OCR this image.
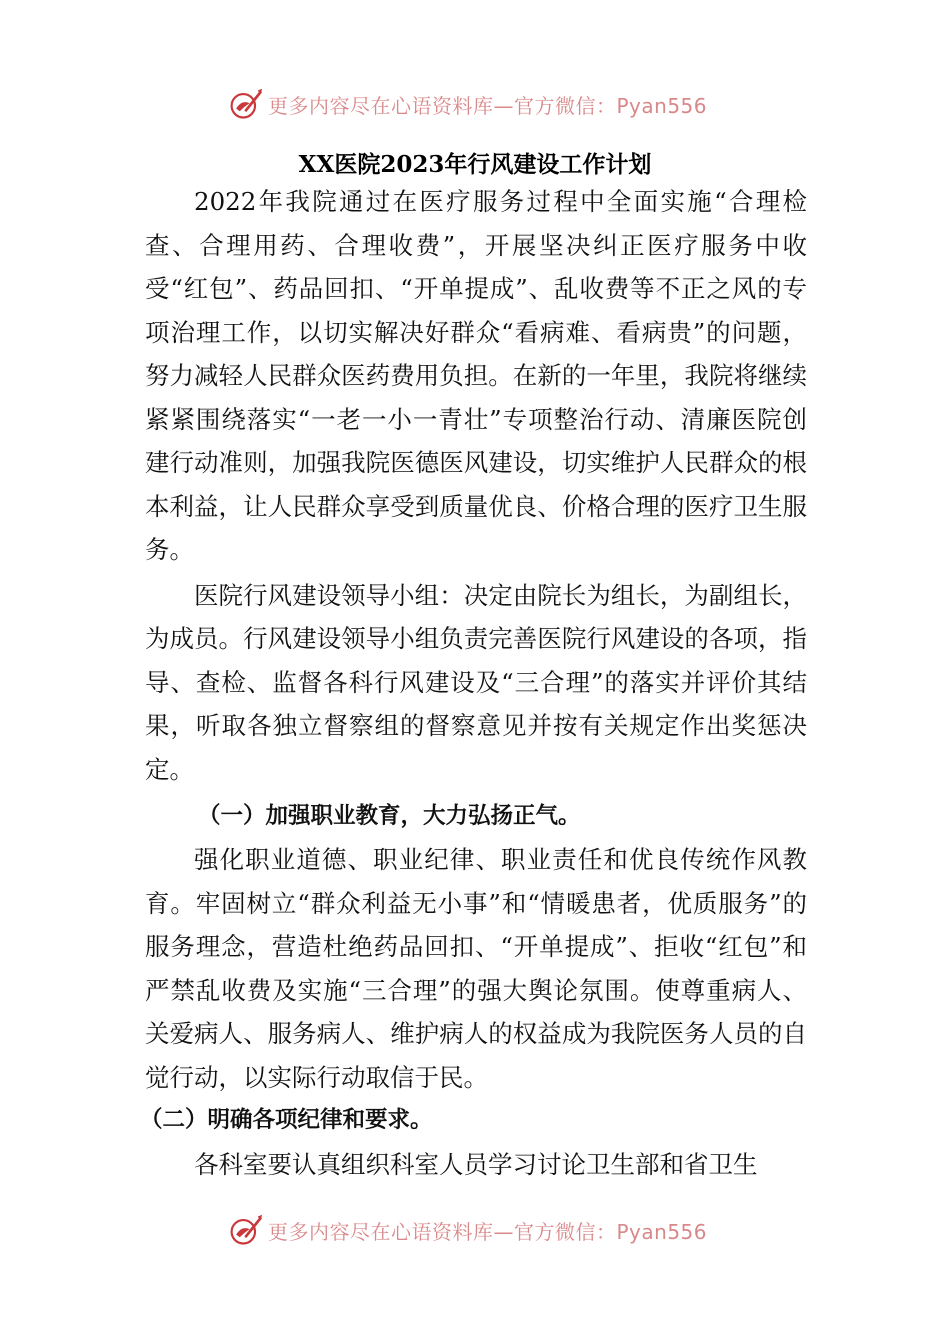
更多内容尽在心语资料库—官方微信：Pyan556
XX医院2023年行风建设工作计划

2022年我院通过在医疗服务过程中全面实施“合理检查、合理用药、合理收费”，开展坚决纠正医疗服务中收受“红包”、药品回扣、“开单提成”、乱收费等不正之风的专项治理工作，以切实解决好群众“看病难、看病贵”的问题，努力减轻人民群众医药费用负担。在新的一年里，我院将继续紧紧围绕落实“一老一小一青壮”专项整治行动、清廉医院创建行动准则，加强我院医德医风建设，切实维护人民群众的根本利益，让人民群众享受到质量优良、价格合理的医疗卫生服务。

医院行风建设领导小组：决定由院长为组长，为副组长，为成员。行风建设领导小组负责完善医院行风建设的各项，指导、查检、监督各科行风建设及“三合理”的落实并评价其结果，听取各独立督察组的督察意见并按有关规定作出奖惩决定。

（一）加强职业教育，大力弘扬正气。

强化职业道德、职业纪律、职业责任和优良传统作风教育。牢固树立“群众利益无小事”和“情暖患者，优质服务”的服务理念，营造杜绝药品回扣、“开单提成”、拒收“红包”和严禁乱收费及实施“三合理”的强大舆论氛围。使尊重病人、关爱病人、服务病人、维护病人的权益成为我院医务人员的自觉行动，以实际行动取信于民。

（二）明确各项纪律和要求。

各科室要认真组织科室人员学习讨论卫生部和省卫生

更多内容尽在心语资料库—官方微信：Pyan556
